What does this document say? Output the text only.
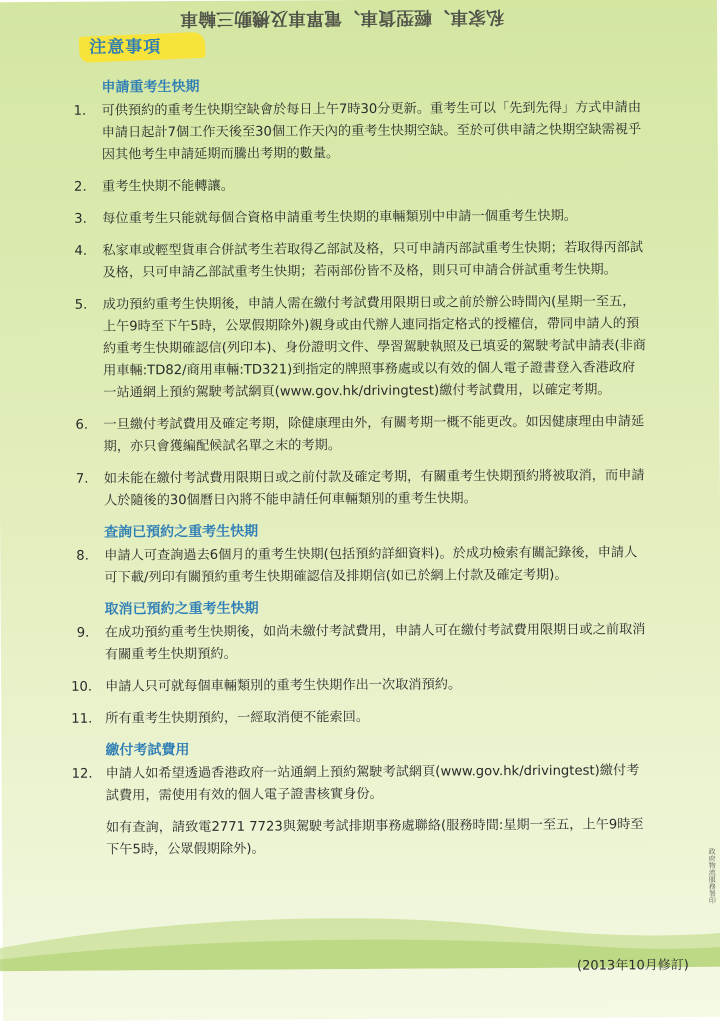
私家車、輕型貨車、電單車及機動三輪車
注意事項
申請重考生快期
1.	可供預約的重考生快期空缺會於每日上午7時30分更新。重考生可以「先到先得」方式申請由申請日起計7個工作天後至30個工作天內的重考生快期空缺。至於可供申請之快期空缺需視乎因其他考生申請延期而騰出考期的數量。
2.	重考生快期不能轉讓。
3.	每位重考生只能就每個合資格申請重考生快期的車輛類別中申請一個重考生快期。
4.	私家車或輕型貨車合併試考生若取得乙部試及格，只可申請丙部試重考生快期；若取得丙部試及格，只可申請乙部試重考生快期；若兩部份皆不及格，則只可申請合併試重考生快期。
5.	成功預約重考生快期後，申請人需在繳付考試費用限期日或之前於辦公時間內(星期一至五，上午9時至下午5時，公眾假期除外)親身或由代辦人連同指定格式的授權信，帶同申請人的預約重考生快期確認信(列印本)、身份證明文件、學習駕駛執照及已填妥的駕駛考試申請表(非商用車輛:TD82/商用車輛:TD321)到指定的牌照事務處或以有效的個人電子證書登入香港政府一站通網上預約駕駛考試網頁(www.gov.hk/drivingtest)繳付考試費用，以確定考期。
6.	一旦繳付考試費用及確定考期，除健康理由外，有關考期一概不能更改。如因健康理由申請延期，亦只會獲編配候試名單之末的考期。
7.	如未能在繳付考試費用限期日或之前付款及確定考期，有關重考生快期預約將被取消，而申請人於隨後的30個曆日內將不能申請任何車輛類別的重考生快期。
查詢已預約之重考生快期
8.	申請人可查詢過去6個月的重考生快期(包括預約詳細資料)。於成功檢索有關記錄後，申請人可下載/列印有關預約重考生快期確認信及排期信(如已於網上付款及確定考期)。
取消已預約之重考生快期
9.	在成功預約重考生快期後，如尚未繳付考試費用，申請人可在繳付考試費用限期日或之前取消有關重考生快期預約。
10. 申請人只可就每個車輛類別的重考生快期作出一次取消預約。
11. 所有重考生快期預約，一經取消便不能索回。
繳付考試費用
12. 申請人如希望透過香港政府一站通網上預約駕駛考試網頁(www.gov.hk/drivingtest)繳付考試費用，需使用有效的個人電子證書核實身份。
如有查詢，請致電2771 7723與駕駛考試排期事務處聯絡(服務時間:星期一至五，上午9時至下午5時，公眾假期除外)。
(2013年10月修訂)
政府物流服務署印
